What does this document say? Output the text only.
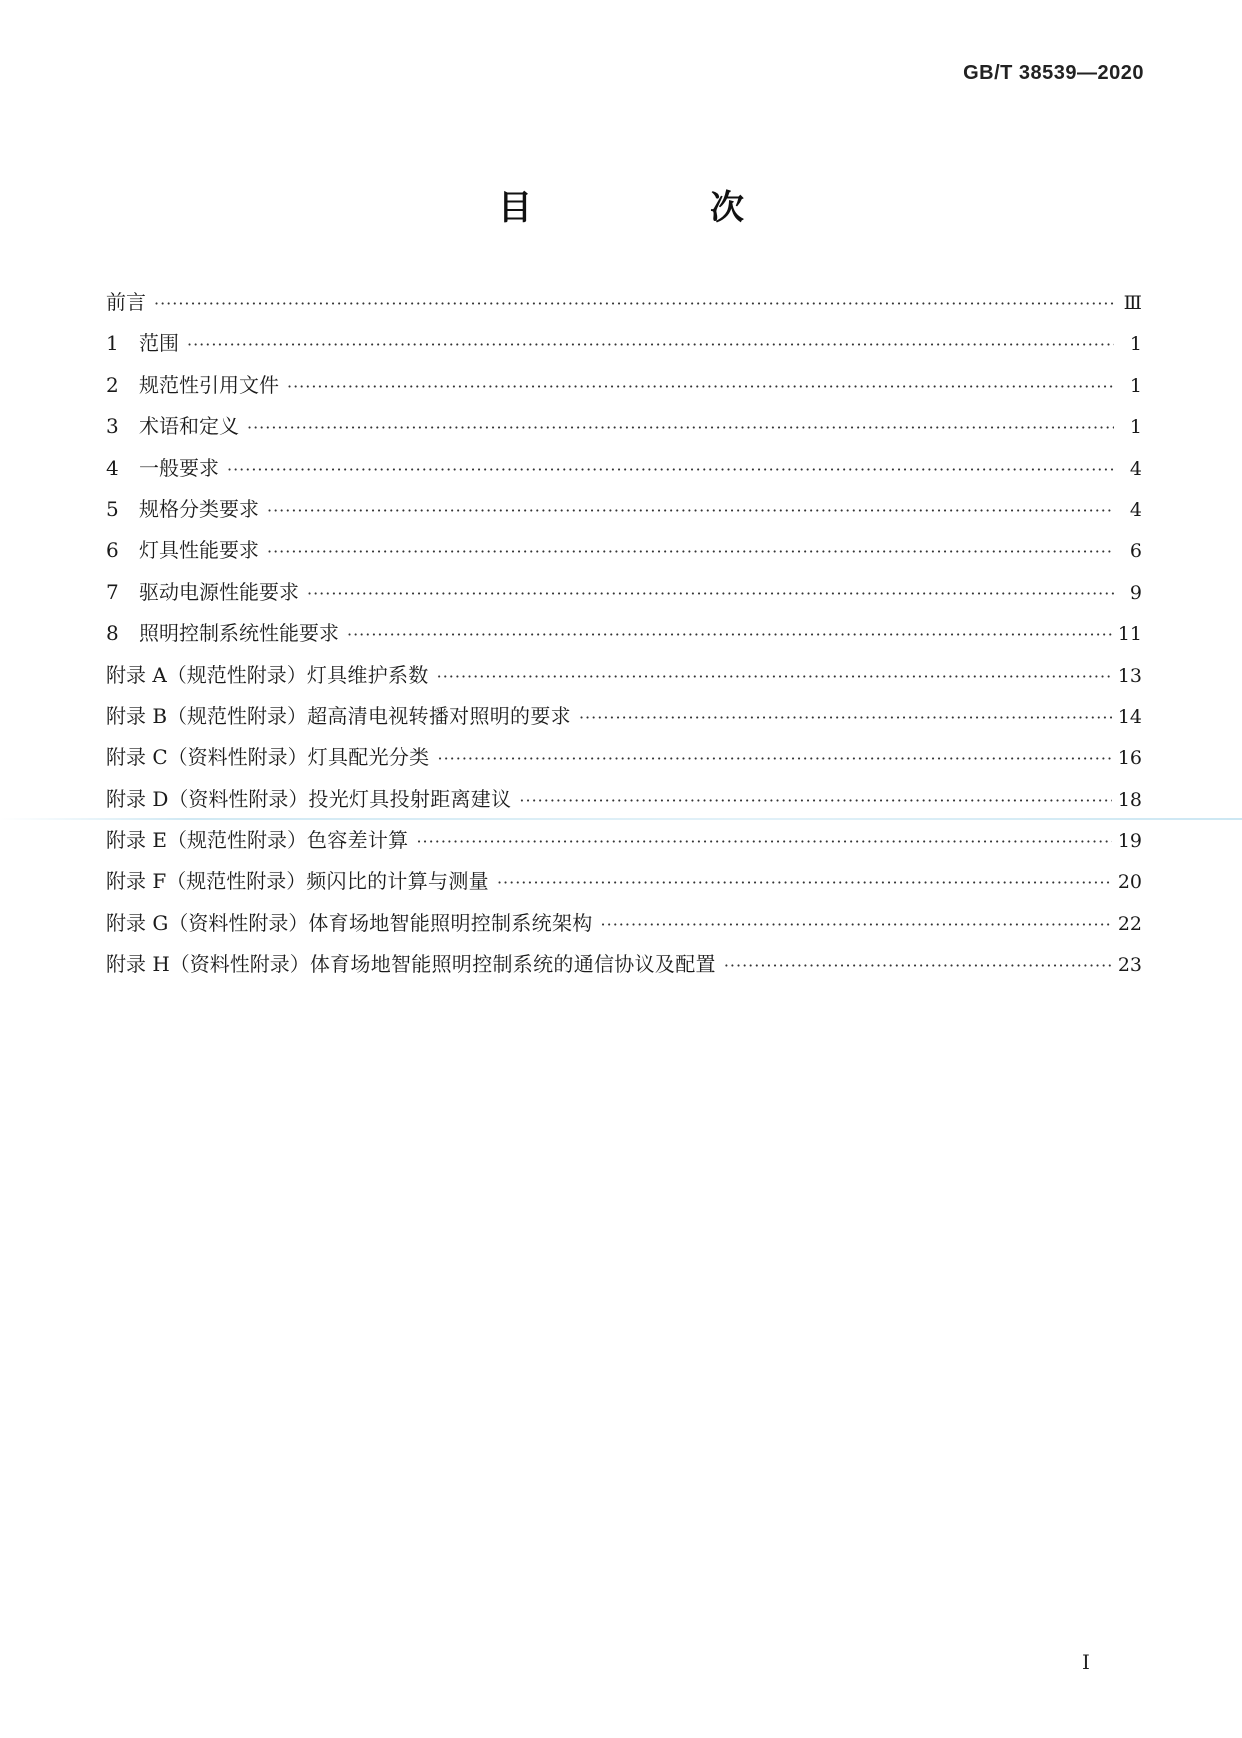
GB/T 38539—2020
目　次
前言 ·····	Ⅲ
1	范围 ·····	1
2	规范性引用文件 ·····	1
3	术语和定义 ·····	1
4	一般要求 ·····	4
5	规格分类要求 ·····	4
6	灯具性能要求 ·····	6
7	驱动电源性能要求 ·····	9
8	照明控制系统性能要求 ·····	11
附录 A（规范性附录） 灯具维护系数 ·····	13
附录 B（规范性附录） 超高清电视转播对照明的要求 ·····	14
附录 C（资料性附录） 灯具配光分类 ·····	16
附录 D（资料性附录） 投光灯具投射距离建议 ·····	18
附录 E（规范性附录） 色容差计算 ·····	19
附录 F（规范性附录） 频闪比的计算与测量 ·····	20
附录 G（资料性附录） 体育场地智能照明控制系统架构 ·····	22
附录 H（资料性附录） 体育场地智能照明控制系统的通信协议及配置 ·····	23
I
